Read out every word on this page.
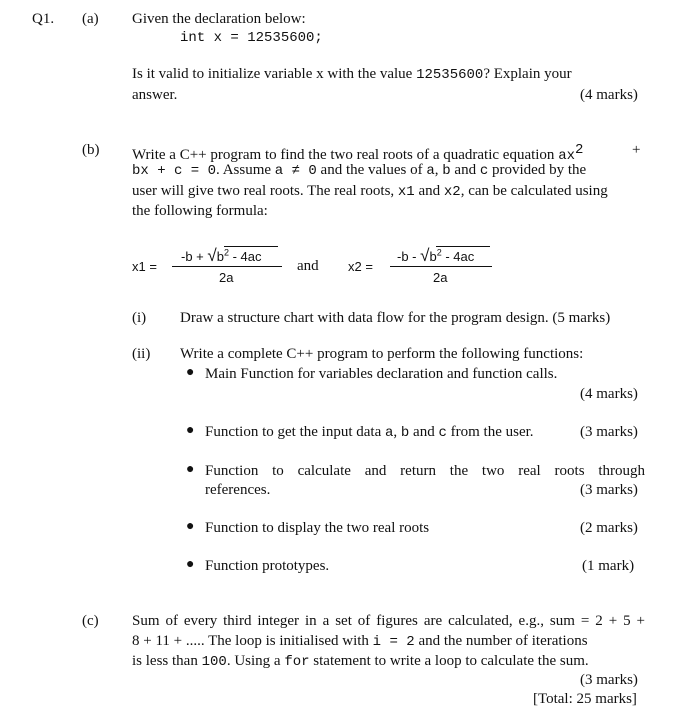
Q1. (a) Given the declaration below:
int x = 12535600;
Is it valid to initialize variable x with the value 12535600? Explain your
answer.	(4 marks)
(b) Write a C++ program to find the two real roots of a quadratic equation $ax^2$	+
bx + c = 0. Assume a ≠ 0 and the values of a, b and c provided by the
user will give two real roots. The real roots, x1 and x2, can be calculated using
the following formula:
x1 =
$-b + √b^2 - 4ac$
2a
and x2 =
$-b - √b^2 - 4ac$
2a
(i) Draw a structure chart with data flow for the program design. (5 marks)
(ii) Write a complete C++ program to perform the following functions:
● Main Function for variables declaration and function calls.
(4 marks)
● Function to get the input data a, b and c from the user.	(3 marks)
● Function to calculate and return the two real roots through
references.	(3 marks)
● Function to display the two real roots	(2 marks)
● Function prototypes.	(1 mark)
(c) Sum of every third integer in a set of figures are calculated, e.g., sum = 2 + 5 +
8 + 11 + ..... The loop is initialised with i = 2 and the number of iterations
is less than 100. Using a for statement to write a loop to calculate the sum.
(3 marks)
[Total: 25 marks]
